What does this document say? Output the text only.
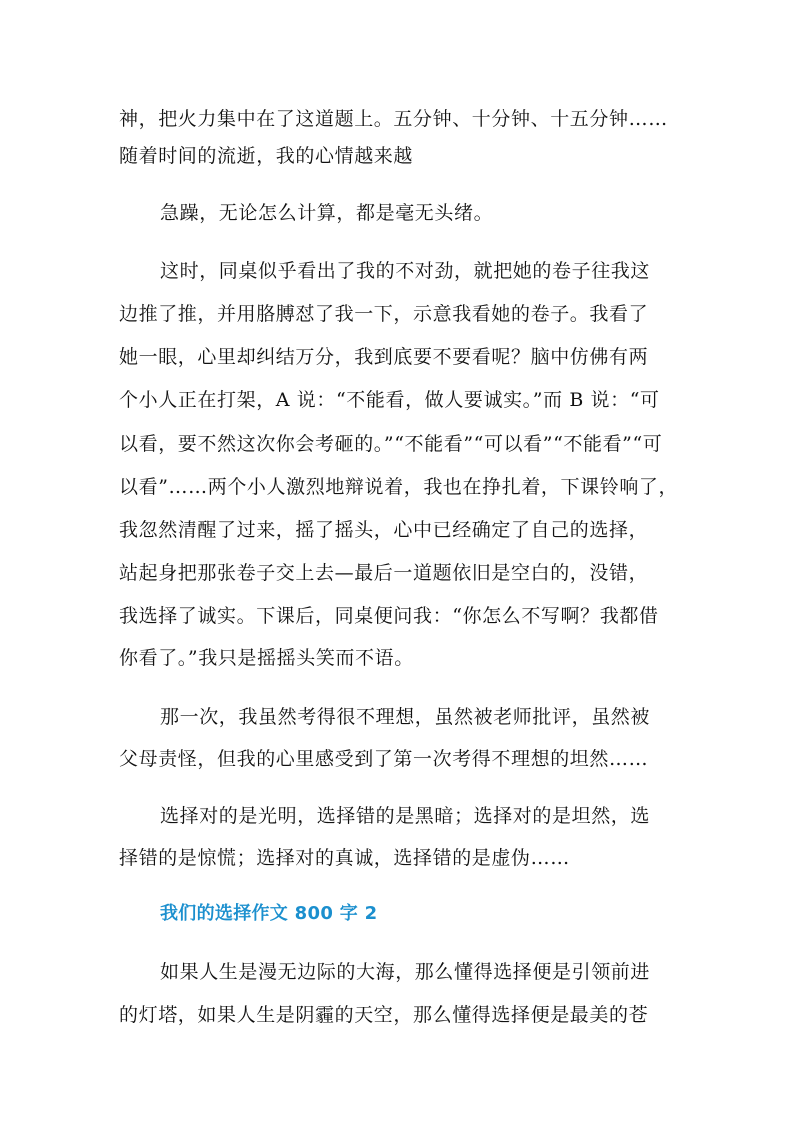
神，把火力集中在了这道题上。五分钟、十分钟、十五分钟……
随着时间的流逝，我的心情越来越
急躁，无论怎么计算，都是毫无头绪。
这时，同桌似乎看出了我的不对劲，就把她的卷子往我这
边推了推，并用胳膊怼了我一下，示意我看她的卷子。我看了
她一眼，心里却纠结万分，我到底要不要看呢？脑中仿佛有两
个小人正在打架，A 说：“不能看，做人要诚实。”而 B 说：“可
以看，要不然这次你会考砸的。”“不能看”“可以看”“不能看”“可
以看”……两个小人激烈地辩说着，我也在挣扎着，下课铃响了，
我忽然清醒了过来，摇了摇头，心中已经确定了自己的选择，
站起身把那张卷子交上去—最后一道题依旧是空白的，没错，
我选择了诚实。下课后，同桌便问我：“你怎么不写啊？我都借
你看了。”我只是摇摇头笑而不语。
那一次，我虽然考得很不理想，虽然被老师批评，虽然被
父母责怪，但我的心里感受到了第一次考得不理想的坦然……
选择对的是光明，选择错的是黑暗；选择对的是坦然，选
择错的是惊慌；选择对的真诚，选择错的是虚伪……
我们的选择作文 800 字 2
如果人生是漫无边际的大海，那么懂得选择便是引领前进
的灯塔，如果人生是阴霾的天空，那么懂得选择便是最美的苍
